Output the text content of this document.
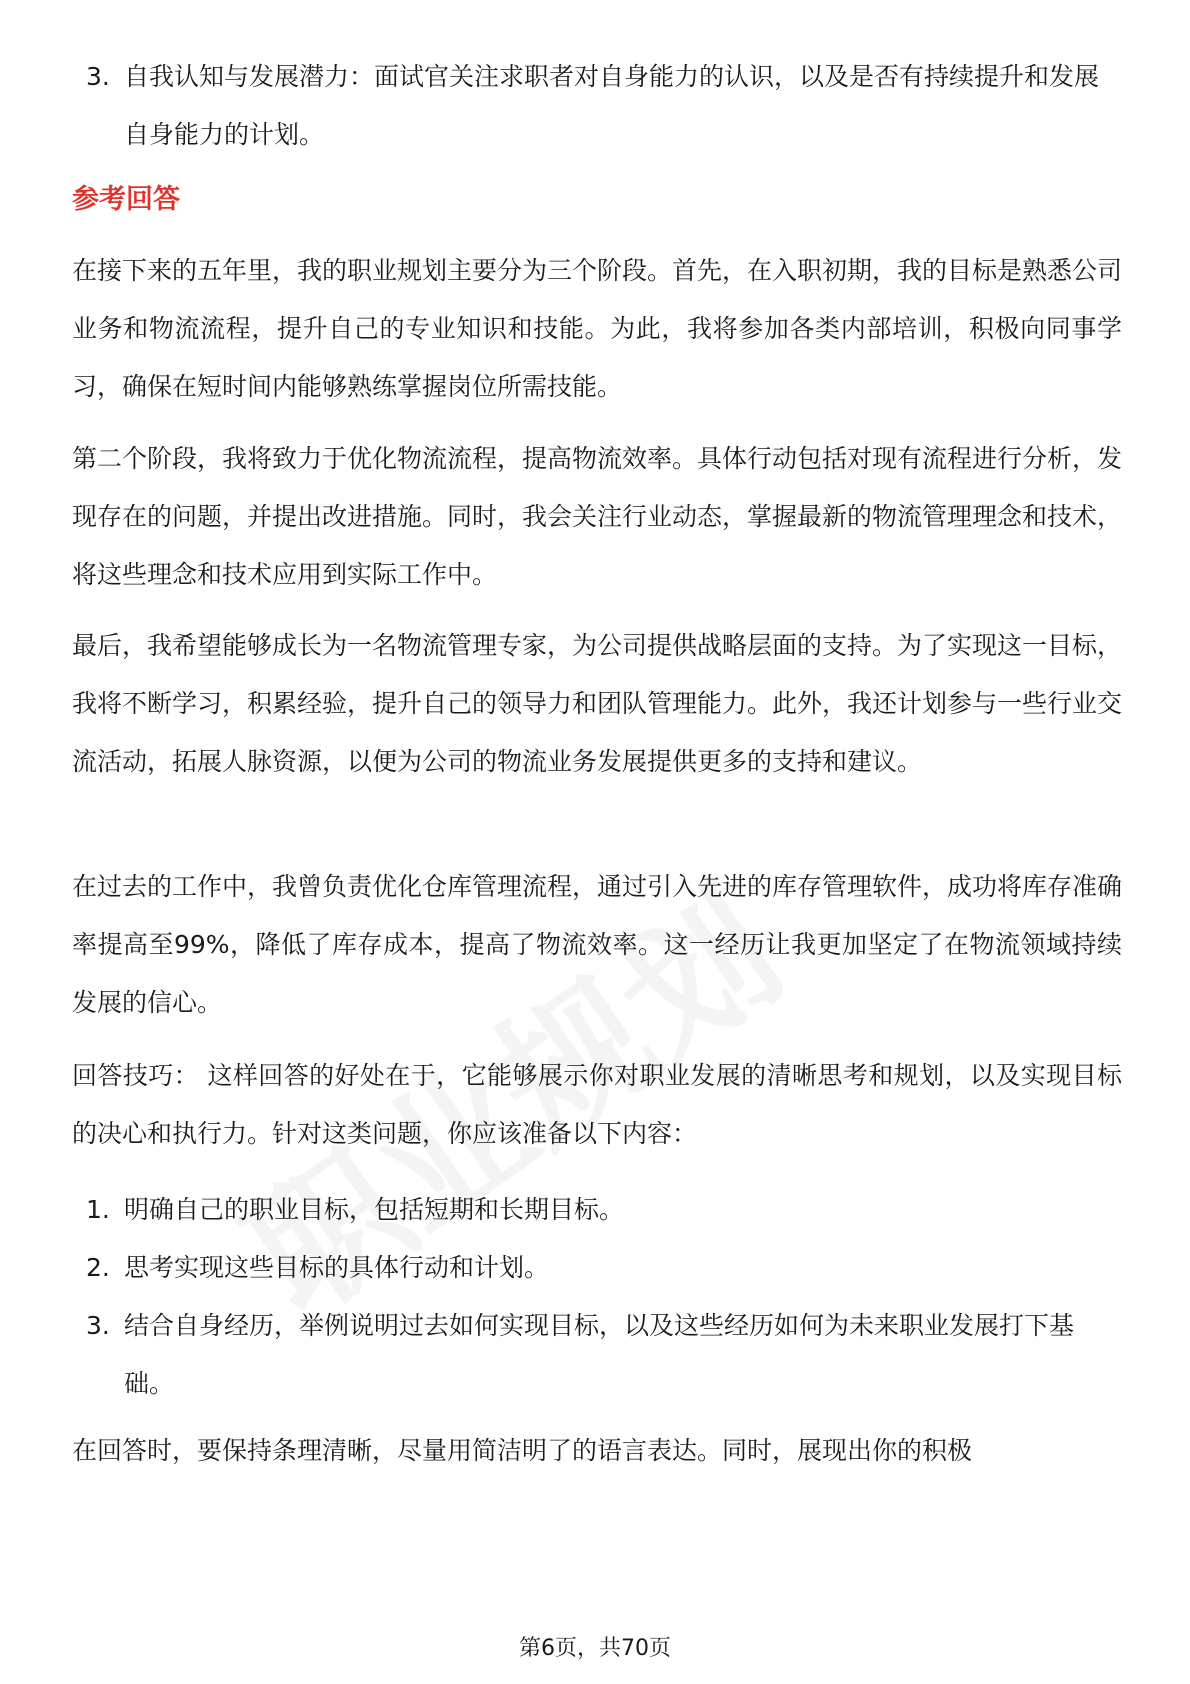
3. 自我认知与发展潜力：面试官关注求职者对自身能力的认识，以及是否有持续提升和发展自身能力的计划。
参考回答

在接下来的五年里，我的职业规划主要分为三个阶段。首先，在入职初期，我的目标是熟悉公司业务和物流流程，提升自己的专业知识和技能。为此，我将参加各类内部培训，积极向同事学习，确保在短时间内能够熟练掌握岗位所需技能。

第二个阶段，我将致力于优化物流流程，提高物流效率。具体行动包括对现有流程进行分析，发现存在的问题，并提出改进措施。同时，我会关注行业动态，掌握最新的物流管理理念和技术，将这些理念和技术应用到实际工作中。

最后，我希望能够成长为一名物流管理专家，为公司提供战略层面的支持。为了实现这一目标，我将不断学习，积累经验，提升自己的领导力和团队管理能力。此外，我还计划参与一些行业交流活动，拓展人脉资源，以便为公司的物流业务发展提供更多的支持和建议。

在过去的工作中，我曾负责优化仓库管理流程，通过引入先进的库存管理软件，成功将库存准确率提高至99%，降低了库存成本，提高了物流效率。这一经历让我更加坚定了在物流领域持续发展的信心。

回答技巧： 这样回答的好处在于，它能够展示你对职业发展的清晰思考和规划，以及实现目标的决心和执行力。针对这类问题，你应该准备以下内容：

1. 明确自己的职业目标，包括短期和长期目标。
2. 思考实现这些目标的具体行动和计划。
3. 结合自身经历，举例说明过去如何实现目标，以及这些经历如何为未来职业发展打下基础。

在回答时，要保持条理清晰，尽量用简洁明了的语言表达。同时，展现出你的积极

第6页，共70页
